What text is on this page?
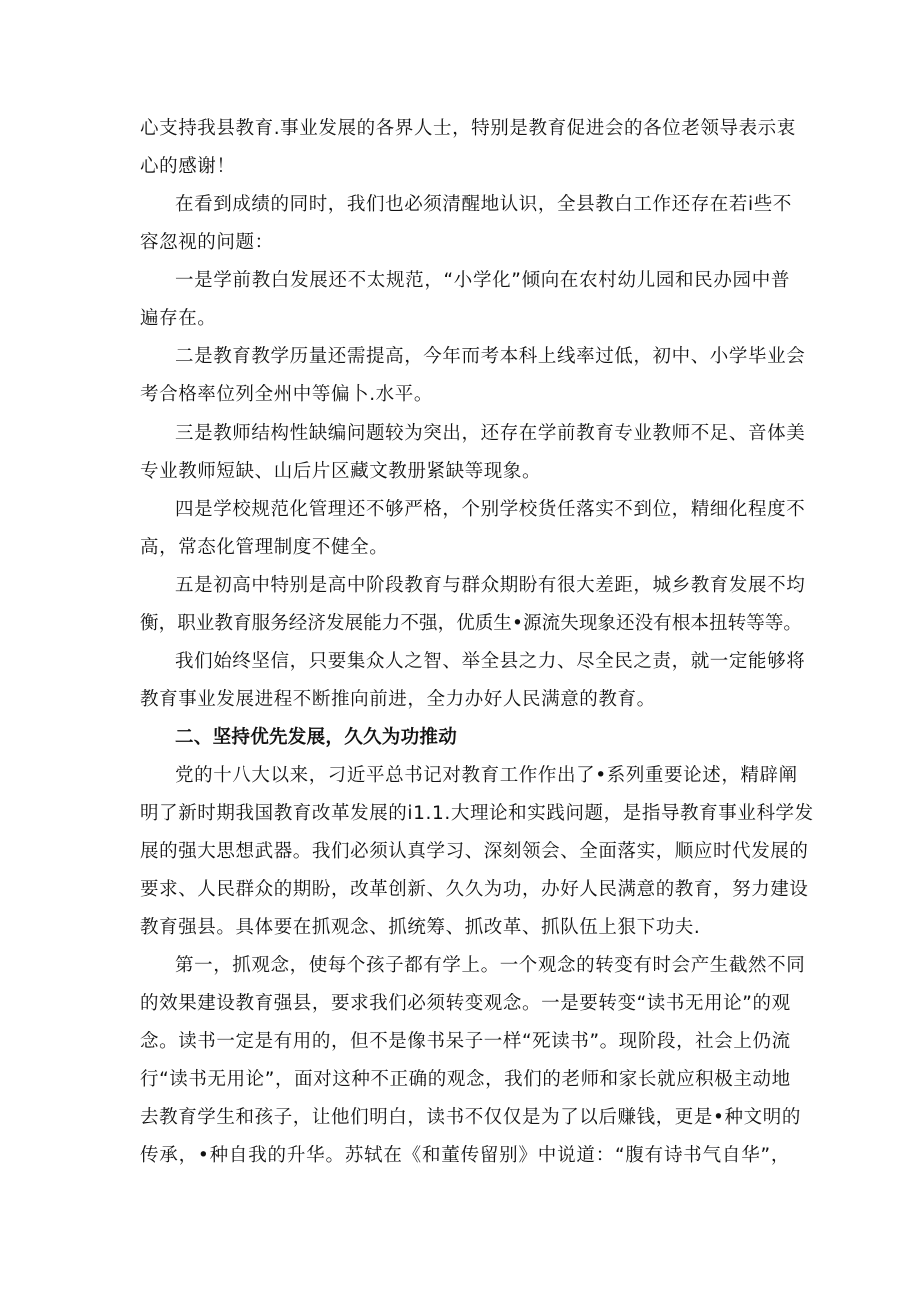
心支持我县教育.事业发展的各界人士，特别是教育促进会的各位老领导表示衷
心的感谢！
在看到成绩的同时，我们也必须清醒地认识，全县教白工作还存在若i些不
容忽视的问题：
一是学前教白发展还不太规范，“小学化”倾向在农村幼儿园和民办园中普
遍存在。
二是教育教学历量还需提高，今年而考本科上线率过低，初中、小学毕业会
考合格率位列全州中等偏卜.水平。
三是教师结构性缺编问题较为突出，还存在学前教育专业教师不足、音体美
专业教师短缺、山后片区藏文教册紧缺等现象。
四是学校规范化管理还不够严格，个别学校货任落实不到位，精细化程度不
高，常态化管理制度不健全。
五是初高中特别是高中阶段教育与群众期盼有很大差距，城乡教育发展不均
衡，职业教育服务经济发展能力不强，优质生•源流失现象还没有根本扭转等等。
我们始终坚信，只要集众人之智、举全县之力、尽全民之责，就一定能够将
教育事业发展进程不断推向前进，全力办好人民满意的教育。
二、坚持优先发展，久久为功推动
党的十八大以来，刁近平总书记对教育工作作出了•系列重要论述，精辟阐
明了新时期我国教育改革发展的i1.1.大理论和实践问题，是指导教育事业科学发
展的强大思想武器。我们必须认真学习、深刻领会、全面落实，顺应时代发展的
要求、人民群众的期盼，改革创新、久久为功，办好人民满意的教育，努力建设
教育强县。具体要在抓观念、抓统筹、抓改革、抓队伍上狠下功夫.
第一，抓观念，使每个孩子都有学上。一个观念的转变有时会产生截然不同
的效果建设教育强县，要求我们必须转变观念。一是要转变“读书无用论”的观
念。读书一定是有用的，但不是像书呆子一样“死读书”。现阶段，社会上仍流
行“读书无用论”，面对这种不正确的观念，我们的老师和家长就应积极主动地
去教育学生和孩子，让他们明白，读书不仅仅是为了以后赚钱，更是•种文明的
传承，•种自我的升华。苏轼在《和董传留别》中说道：“腹有诗书气自华”，
